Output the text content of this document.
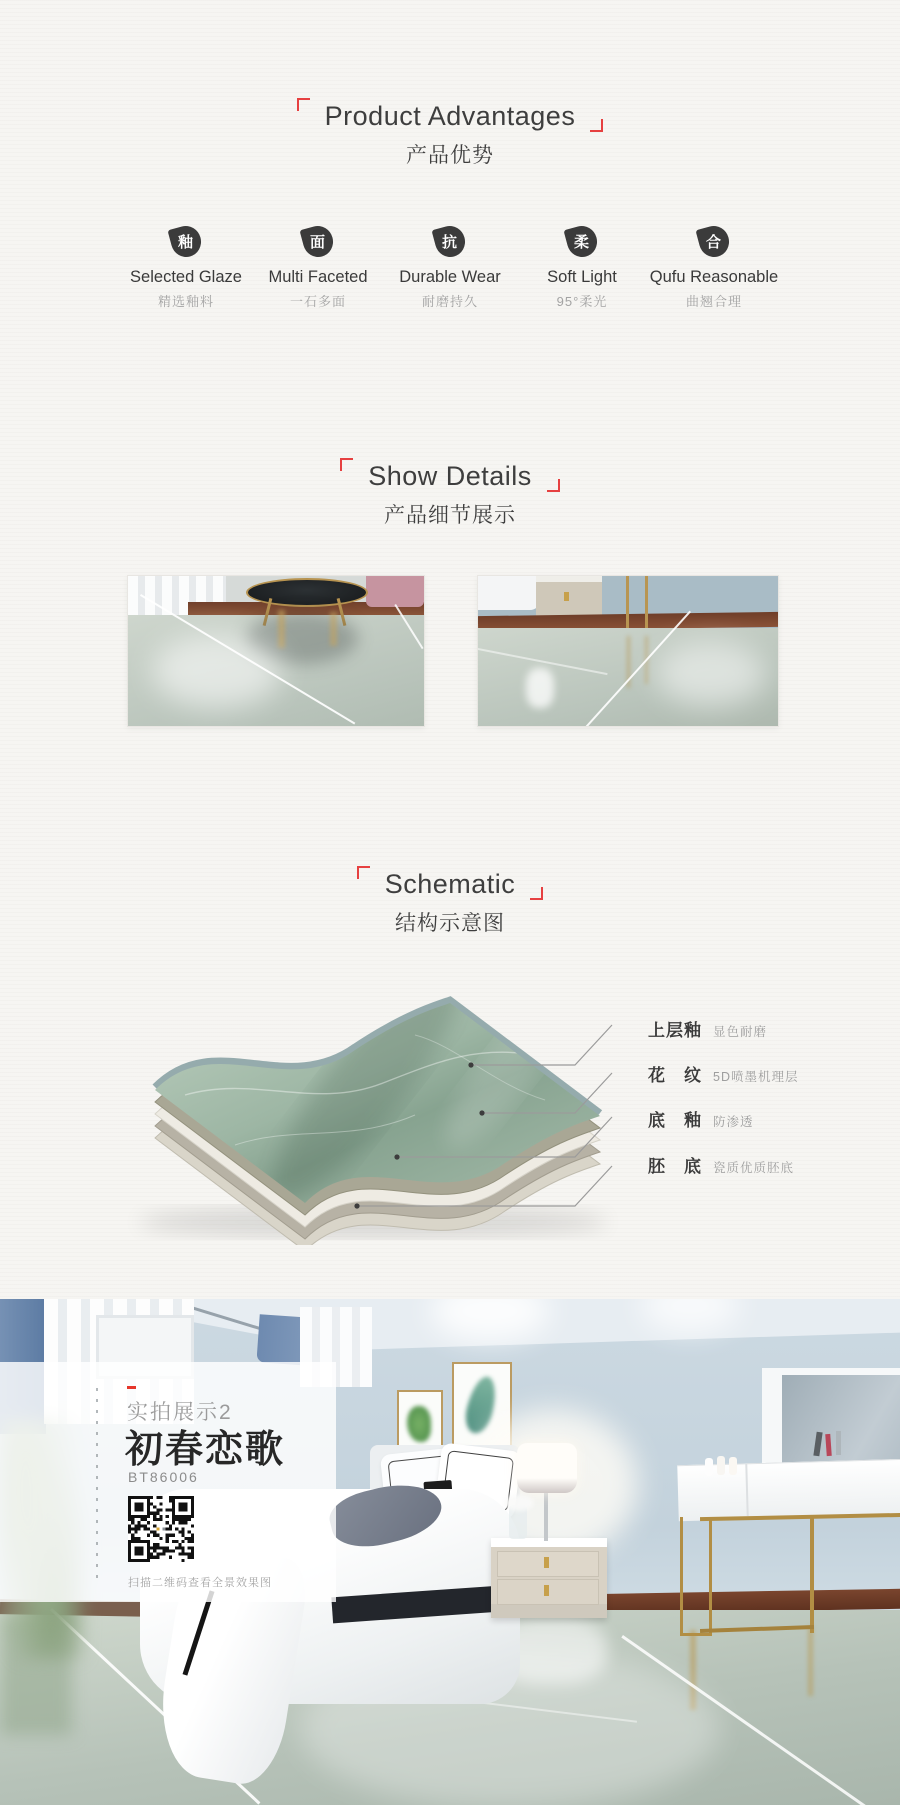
Product Advantages
产品优势
釉
Selected Glaze
精选釉料
面
Multi Faceted
一石多面
抗
Durable Wear
耐磨持久
柔
Soft Light
95°柔光
合
Qufu Reasonable
曲翘合理
Show Details
产品细节展示
Schematic
结构示意图
上层釉 显色耐磨
花　纹 5D喷墨机理层
底　釉 防渗透
胚　底 瓷质优质胚底
实拍展示2
初春恋歌
BT86006
扫描二维码查看全景效果图
